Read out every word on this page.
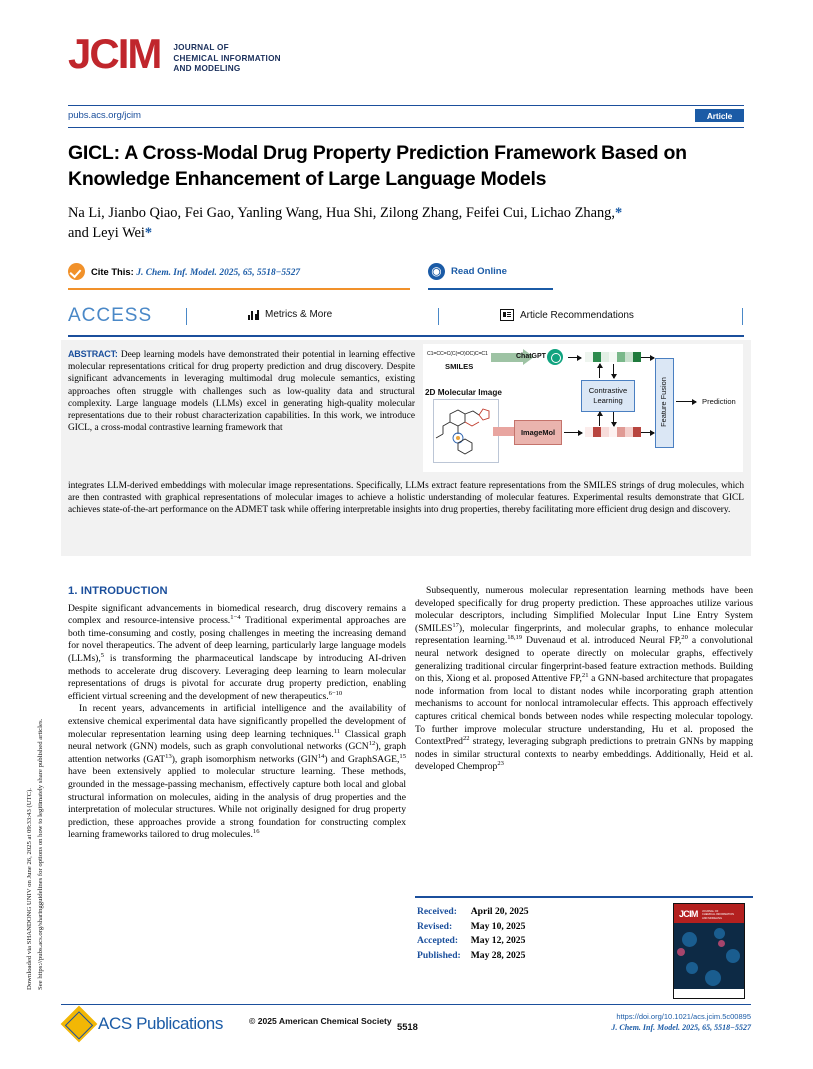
Downloaded via SHANDONG UNIV on June 26, 2025 at 09:33:43 (UTC). See https://pubs.acs.org/sharingguidelines for options on how to legitimately share published articles.
JCIM JOURNAL OF
CHEMICAL INFORMATION
AND MODELING
pubs.acs.org/jcim	Article
GICL: A Cross-Modal Drug Property Prediction Framework Based on Knowledge Enhancement of Large Language Models
Na Li, Jianbo Qiao, Fei Gao, Yanling Wang, Hua Shi, Zilong Zhang, Feifei Cui, Lichao Zhang,*
and Leyi Wei*
Cite This: J. Chem. Inf. Model. 2025, 65, 5518−5527	◉ Read Online
ACCESS	Metrics & More	Article Recommendations
ABSTRACT: Deep learning models have demonstrated their potential in learning effective molecular representations critical for drug property prediction and drug discovery. Despite significant advancements in leveraging multimodal drug molecule semantics, existing approaches often struggle with challenges such as low-quality data and structural complexity. Large language models (LLMs) excel in generating high-quality molecular representations due to their robust characterization capabilities. In this work, we introduce GICL, a cross-modal contrastive learning framework that
integrates LLM-derived embeddings with molecular image representations. Specifically, LLMs extract feature representations from the SMILES strings of drug molecules, which are then contrasted with graphical representations of molecular images to achieve a holistic understanding of molecular features. Experimental results demonstrate that GICL achieves state-of-the-art performance on the ADMET task while offering interpretable insights into drug properties, thereby facilitating more efficient drug design and discovery.
C1=CC=C(C(=O)OC)C=C1
SMILES
ChatGPT
2D Molecular Image
ImageMol
Contrastive Learning	Feature Fusion	Prediction
1. INTRODUCTION

Despite significant advancements in biomedical research, drug discovery remains a complex and resource-intensive process.$^{1-4}$ Traditional experimental approaches are both time-consuming and costly, posing challenges in meeting the increasing demand for novel therapeutics. The advent of deep learning, particularly large language models (LLMs),$^5$ is transforming the pharmaceutical landscape by introducing AI-driven methods to accelerate drug discovery. Leveraging deep learning to learn molecular representations of drugs is pivotal for accurate drug property prediction, enabling efficient virtual screening and the development of new therapeutics.$^{6-10}$

In recent years, advancements in artificial intelligence and the availability of extensive chemical experimental data have significantly propelled the development of molecular representation learning using deep learning techniques.$^{11}$ Classical graph neural network (GNN) models, such as graph convolutional networks (GCN$^{12}$), graph attention networks (GAT$^{13}$), graph isomorphism networks (GIN$^{14}$) and GraphSAGE,$^{15}$ have been extensively applied to molecular structure learning. These methods, grounded in the message-passing mechanism, effectively capture both local and global structural information on molecules, aiding in the analysis of drug properties and the interpretation of molecular structures. While not originally designed for drug property prediction, these approaches provide a strong foundation for constructing complex learning frameworks tailored to drug molecules.$^{16}$

Subsequently, numerous molecular representation learning methods have been developed specifically for drug property prediction. These approaches utilize various molecular descriptors, including Simplified Molecular Input Line Entry System (SMILES$^{17}$), molecular fingerprints, and molecular graphs, to enhance molecular representation learning.$^{18,19}$ Duvenaud et al. introduced Neural FP,$^{20}$ a convolutional neural network designed to operate directly on molecular graphs, effectively generalizing traditional circular fingerprint-based feature extraction methods. Building on this, Xiong et al. proposed Attentive FP,$^{21}$ a GNN-based architecture that propagates node information from local to distant nodes while incorporating graph attention mechanisms to account for nonlocal intramolecular effects. This approach effectively captures critical chemical bonds between nodes while respecting molecular topology. To further improve molecular structure understanding, Hu et al. proposed the ContextPred$^{22}$ strategy, leveraging subgraph predictions to pretrain GNNs by mapping nodes in similar structural contexts to nearby embeddings. Additionally, Heid et al. developed Chemprop$^{23}$

Received:	April 20, 2025
Revised:	May 10, 2025
Accepted:	May 12, 2025
Published:	May 28, 2025
JCIM JOURNAL OF
CHEMICAL INFORMATION
AND MODELING
ACS Publications	© 2025 American Chemical Society 5518
https://doi.org/10.1021/acs.jcim.5c00895
J. Chem. Inf. Model. 2025, 65, 5518−5527
